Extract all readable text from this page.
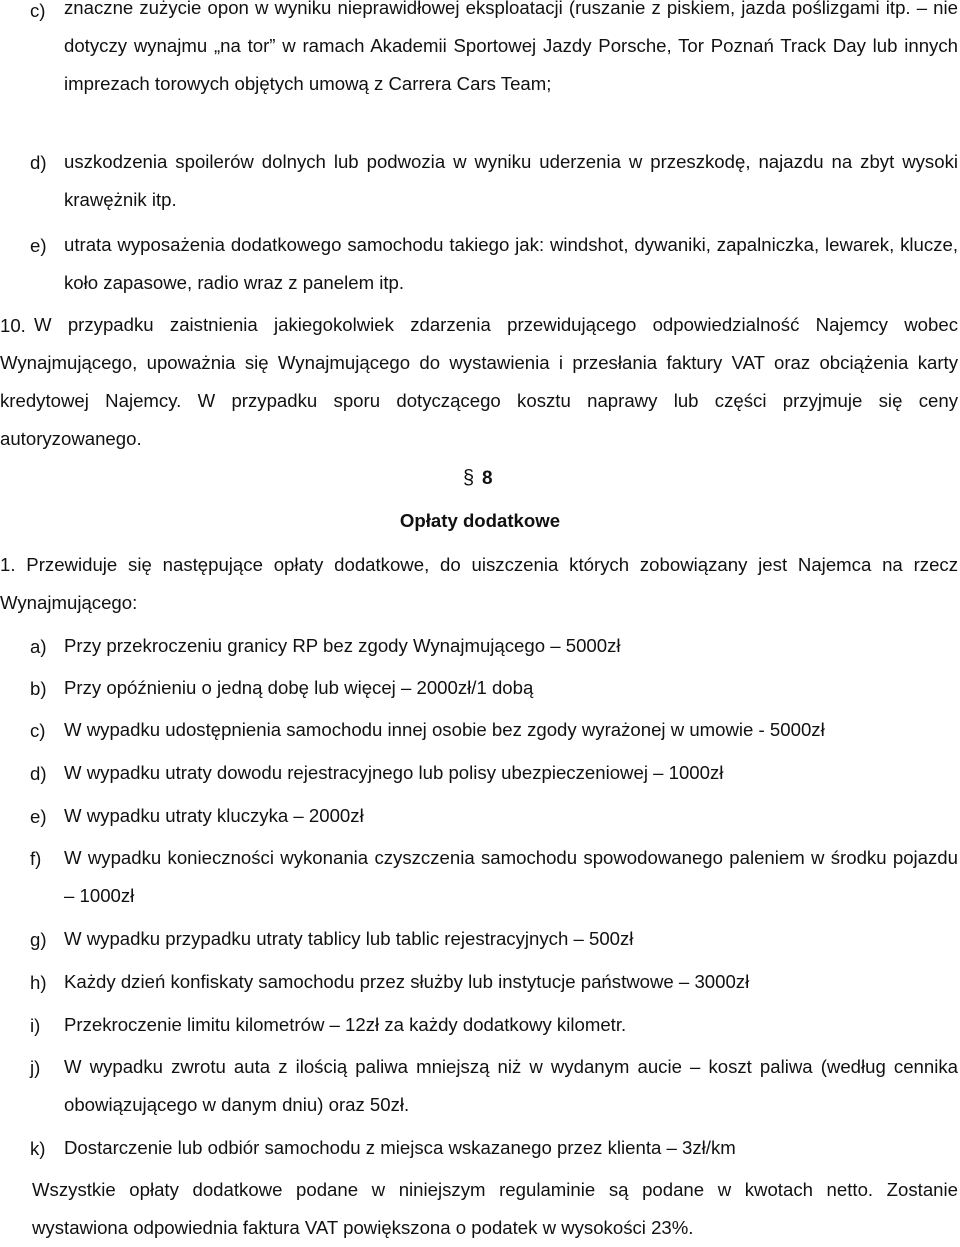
c) znaczne zużycie opon w wyniku nieprawidłowej eksploatacji (ruszanie z piskiem, jazda poślizgami itp. – nie dotyczy wynajmu „na tor” w ramach Akademii Sportowej Jazdy Porsche, Tor Poznań Track Day lub innych imprezach torowych objętych umową z Carrera Cars Team;
d) uszkodzenia spoilerów dolnych lub podwozia w wyniku uderzenia w przeszkodę, najazdu na zbyt wysoki krawężnik itp.
e) utrata wyposażenia dodatkowego samochodu takiego jak: windshot, dywaniki, zapalniczka, lewarek, klucze, koło zapasowe, radio wraz z panelem itp.
10. W przypadku zaistnienia jakiegokolwiek zdarzenia przewidującego odpowiedzialność Najemcy wobec Wynajmującego, upoważnia się Wynajmującego do wystawienia i przesłania faktury VAT oraz obciążenia karty kredytowej Najemcy. W przypadku sporu dotyczącego kosztu naprawy lub części przyjmuje się ceny autoryzowanego.
§ 8
Opłaty dodatkowe
1. Przewiduje się następujące opłaty dodatkowe, do uiszczenia których zobowiązany jest Najemca na rzecz Wynajmującego:
a) Przy przekroczeniu granicy RP bez zgody Wynajmującego – 5000zł
b) Przy opóźnieniu o jedną dobę lub więcej – 2000zł/1 dobą
c) W wypadku udostępnienia samochodu innej osobie bez zgody wyrażonej w umowie - 5000zł
d) W wypadku utraty dowodu rejestracyjnego lub polisy ubezpieczeniowej – 1000zł
e) W wypadku utraty kluczyka – 2000zł
f) W wypadku konieczności wykonania czyszczenia samochodu spowodowanego paleniem w środku pojazdu – 1000zł
g) W wypadku przypadku utraty tablicy lub tablic rejestracyjnych – 500zł
h) Każdy dzień konfiskaty samochodu przez służby lub instytucje państwowe – 3000zł
i) Przekroczenie limitu kilometrów – 12zł za każdy dodatkowy kilometr.
j) W wypadku zwrotu auta z ilością paliwa mniejszą niż w wydanym aucie – koszt paliwa (według cennika obowiązującego w danym dniu) oraz 50zł.
k) Dostarczenie lub odbiór samochodu z miejsca wskazanego przez klienta – 3zł/km
Wszystkie opłaty dodatkowe podane w niniejszym regulaminie są podane w kwotach netto. Zostanie wystawiona odpowiednia faktura VAT powiększona o podatek w wysokości 23%.
